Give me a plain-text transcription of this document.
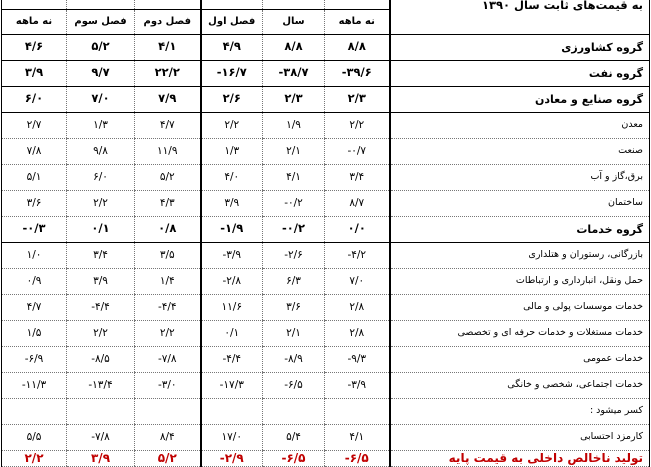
						به قیمت‌های ثابت سال ۱۳۹۰
نه ماهه	فصل سوم	فصل دوم	فصل اول	سال	نه ماهه	
۴/۶	۵/۲	۴/۱	۴/۹	۸/۸	۸/۸	گروه کشاورزی
۳/۹	۹/۷	۲۲/۲	-۱۶/۷	-۳۸/۷	-۳۹/۶	گروه نفت
۶/۰	۷/۰	۷/۹	۲/۶	۲/۳	۲/۳	گروه صنایع و معادن
۲/۷	۱/۳	۴/۷	۲/۲	۱/۹	۲/۲	معدن
۷/۸	۹/۸	۱۱/۹	۱/۳	۲/۱	-۰/۷	صنعت
۵/۱	۶/۰	۵/۲	۴/۰	۴/۱	۳/۴	برق،گاز و آب
۳/۶	۲/۲	۴/۳	۳/۹	-۰/۲	۸/۷	ساختمان
-۰/۳	۰/۱	۰/۸	-۱/۹	-۰/۲	۰/۰	گروه خدمات
۱/۰	۳/۴	۳/۵	-۳/۹	-۲/۶	-۴/۲	بازرگانی، رستوران و هتلداری
۰/۹	۳/۹	۱/۴	-۲/۸	۶/۳	۷/۰	حمل ونقل، انبارداری و ارتباطات
۴/۷	-۴/۴	-۴/۴	۱۱/۶	۳/۶	۲/۸	خدمات موسسات پولی و مالی
۱/۵	۲/۲	۲/۲	۰/۱	۲/۱	۲/۸	خدمات مستغلات و خدمات حرفه ای و تخصصی
-۶/۹	-۸/۵	-۷/۸	-۴/۴	-۸/۹	-۹/۳	خدمات عمومی
-۱۱/۳	-۱۳/۴	-۳/۰	-۱۷/۳	-۶/۵	-۳/۹	خدمات اجتماعی، شخصی و خانگی
						کسر میشود :
۵/۵	-۷/۸	۸/۴	۱۷/۰	۵/۴	۴/۱	کارمزد احتسابی
۲/۲	۳/۹	۵/۲	-۲/۹	-۶/۵	-۶/۵	تولید ناخالص داخلی به قیمت پایه
